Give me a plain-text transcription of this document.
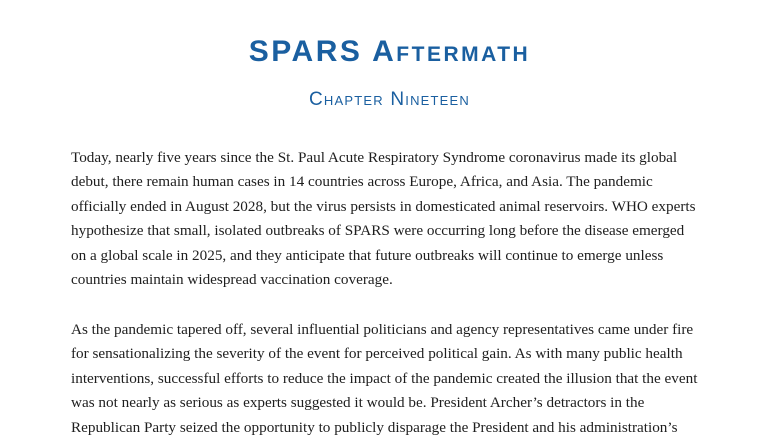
SPARS Aftermath
Chapter Nineteen

Today, nearly five years since the St. Paul Acute Respiratory Syndrome coronavirus made its global
debut, there remain human cases in 14 countries across Europe, Africa, and Asia. The pandemic
officially ended in August 2028, but the virus persists in domesticated animal reservoirs. WHO experts
hypothesize that small, isolated outbreaks of SPARS were occurring long before the disease emerged
on a global scale in 2025, and they anticipate that future outbreaks will continue to emerge unless
countries maintain widespread vaccination coverage.

As the pandemic tapered off, several influential politicians and agency representatives came under fire
for sensationalizing the severity of the event for perceived political gain. As with many public health
interventions, successful efforts to reduce the impact of the pandemic created the illusion that the event
was not nearly as serious as experts suggested it would be. President Archer’s detractors in the
Republican Party seized the opportunity to publicly disparage the President and his administration’s
